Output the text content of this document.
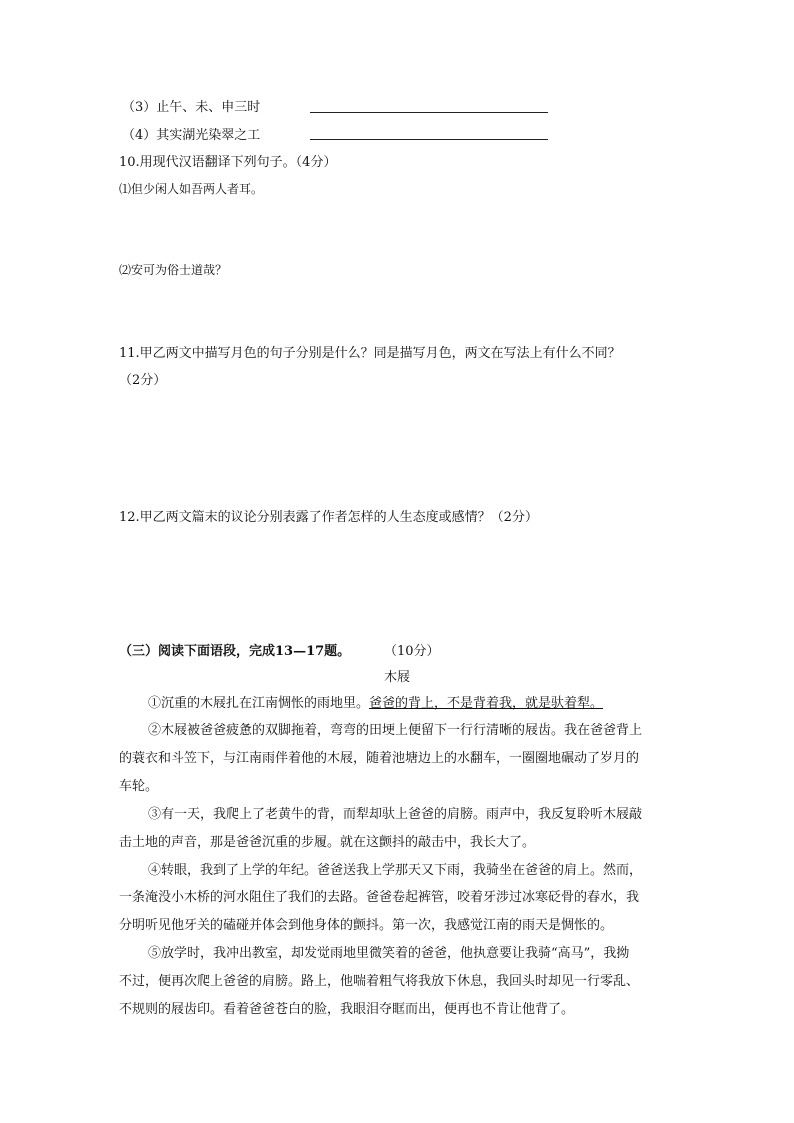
（3）止午、未、申三时
（4）其实湖光染翠之工
10.用现代汉语翻译下列句子。（4分）
⑴但少闲人如吾两人者耳。
⑵安可为俗士道哉？
11.甲乙两文中描写月色的句子分别是什么？同是描写月色，两文在写法上有什么不同？
（2分）
12.甲乙两文篇末的议论分别表露了作者怎样的人生态度或感情？（2分）
（三）阅读下面语段，完成13—17题。	（10分）
木屐
①沉重的木屐扎在江南惆怅的雨地里。爸爸的背上，不是背着我，就是驮着犁。
②木屐被爸爸疲惫的双脚拖着，弯弯的田埂上便留下一行行清晰的屐齿。我在爸爸背上
的蓑衣和斗笠下，与江南雨伴着他的木屐，随着池塘边上的水翻车，一圈圈地碾动了岁月的
车轮。
③有一天，我爬上了老黄牛的背，而犁却驮上爸爸的肩膀。雨声中，我反复聆听木屐敲
击土地的声音，那是爸爸沉重的步履。就在这颤抖的敲击中，我长大了。
④转眼，我到了上学的年纪。爸爸送我上学那天又下雨，我骑坐在爸爸的肩上。然而，
一条淹没小木桥的河水阻住了我们的去路。爸爸卷起裤管，咬着牙涉过冰寒砭骨的春水，我
分明听见他牙关的磕碰并体会到他身体的颤抖。第一次，我感觉江南的雨天是惆怅的。
⑤放学时，我冲出教室，却发觉雨地里微笑着的爸爸，他执意要让我骑“高马”，我拗
不过，便再次爬上爸爸的肩膀。路上，他喘着粗气将我放下休息，我回头时却见一行零乱、
不规则的屐齿印。看着爸爸苍白的脸，我眼泪夺眶而出，便再也不肯让他背了。
